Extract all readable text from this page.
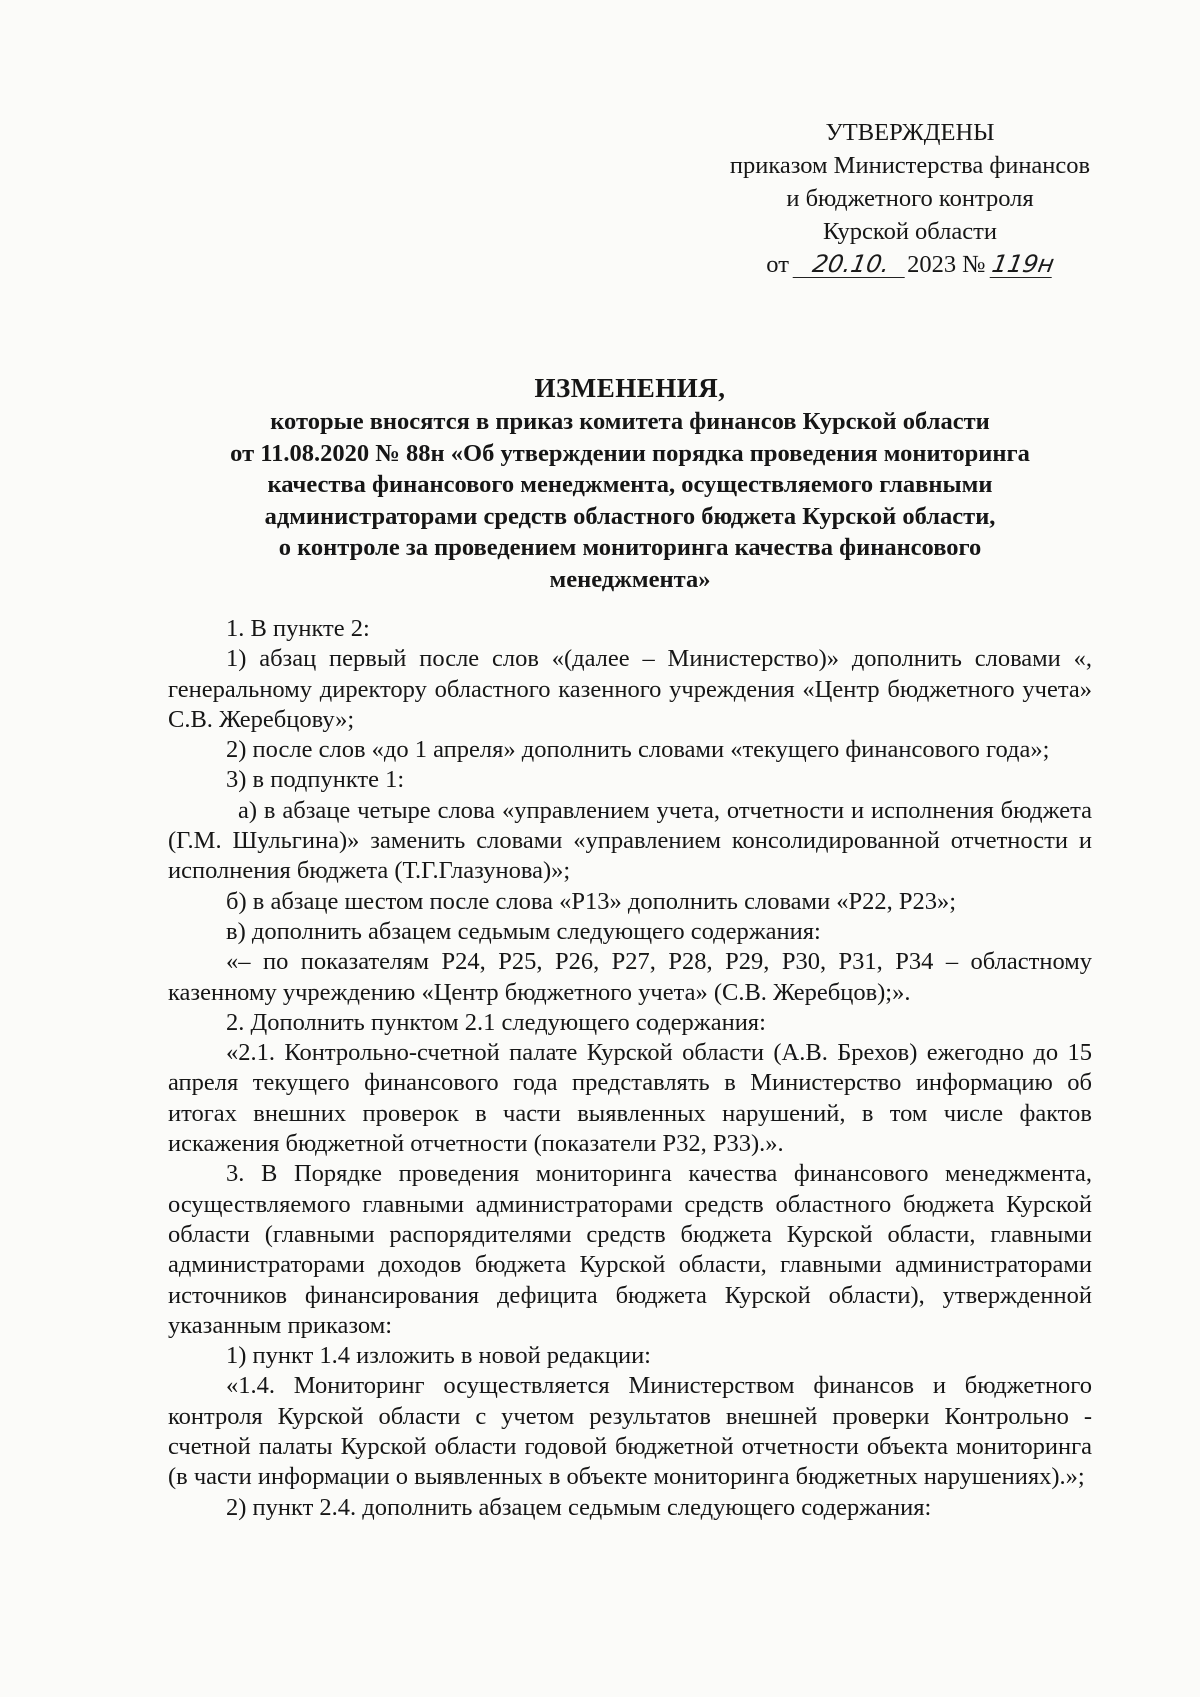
УТВЕРЖДЕНЫ
приказом Министерства финансов
и бюджетного контроля
Курской области
от 20.10. 2023 № 119н
ИЗМЕНЕНИЯ,
которые вносятся в приказ комитета финансов Курской области
от 11.08.2020 № 88н «Об утверждении порядка проведения мониторинга
качества финансового менеджмента, осуществляемого главными
администраторами средств областного бюджета Курской области,
о контроле за проведением мониторинга качества финансового
менеджмента»

1. В пункте 2:

1) абзац первый после слов «(далее – Министерство)» дополнить словами «, генеральному директору областного казенного учреждения «Центр бюджетного учета» С.В. Жеребцову»;

2) после слов «до 1 апреля» дополнить словами «текущего финансового года»;

3) в подпункте 1:

а) в абзаце четыре слова «управлением учета, отчетности и исполнения бюджета (Г.М. Шульгина)» заменить словами «управлением консолидированной отчетности и исполнения бюджета (Т.Г.Глазунова)»;

б) в абзаце шестом после слова «Р13» дополнить словами «Р22, Р23»;

в) дополнить абзацем седьмым следующего содержания:

«– по показателям Р24, Р25, Р26, Р27, Р28, Р29, Р30, Р31, Р34 – областному казенному учреждению «Центр бюджетного учета» (С.В. Жеребцов);».

2. Дополнить пунктом 2.1 следующего содержания:

«2.1. Контрольно-счетной палате Курской области (А.В. Брехов) ежегодно до 15 апреля текущего финансового года представлять в Министерство информацию об итогах внешних проверок в части выявленных нарушений, в том числе фактов искажения бюджетной отчетности (показатели Р32, Р33).».

3. В Порядке проведения мониторинга качества финансового менеджмента, осуществляемого главными администраторами средств областного бюджета Курской области (главными распорядителями средств бюджета Курской области, главными администраторами доходов бюджета Курской области, главными администраторами источников финансирования дефицита бюджета Курской области), утвержденной указанным приказом:

1) пункт 1.4 изложить в новой редакции:

«1.4. Мониторинг осуществляется Министерством финансов и бюджетного контроля Курской области с учетом результатов внешней проверки Контрольно - счетной палаты Курской области годовой бюджетной отчетности объекта мониторинга (в части информации о выявленных в объекте мониторинга бюджетных нарушениях).»;

2) пункт 2.4. дополнить абзацем седьмым следующего содержания:
